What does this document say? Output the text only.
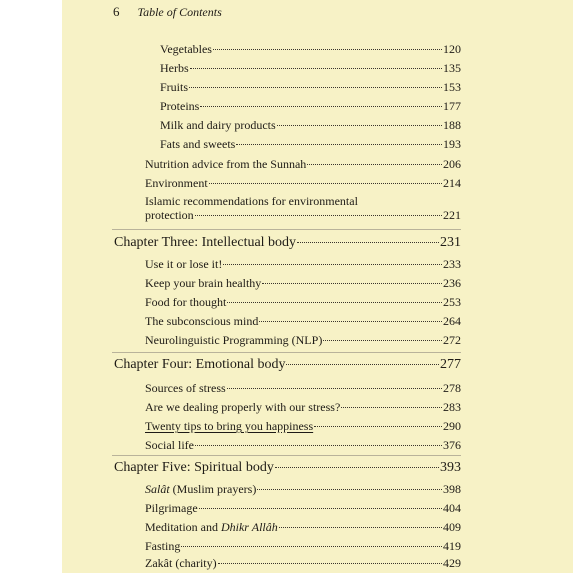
6 Table of Contents
Vegetables	120
Herbs	135
Fruits	153
Proteins	177
Milk and dairy products	188
Fats and sweets	193
Nutrition advice from the Sunnah	206
Environment	214
Islamic recommendations for environmental
protection	221
Chapter Three: Intellectual body	231
Use it or lose it!	233
Keep your brain healthy	236
Food for thought	253
The subconscious mind	264
Neurolinguistic Programming (NLP)	272
Chapter Four: Emotional body	277
Sources of stress	278
Are we dealing properly with our stress?	283
Twenty tips to bring you happiness	290
Social life	376
Chapter Five: Spiritual body	393
Salât (Muslim prayers)	398
Pilgrimage	404
Meditation and Dhikr Allâh	409
Fasting	419
Zakât (charity)	429
